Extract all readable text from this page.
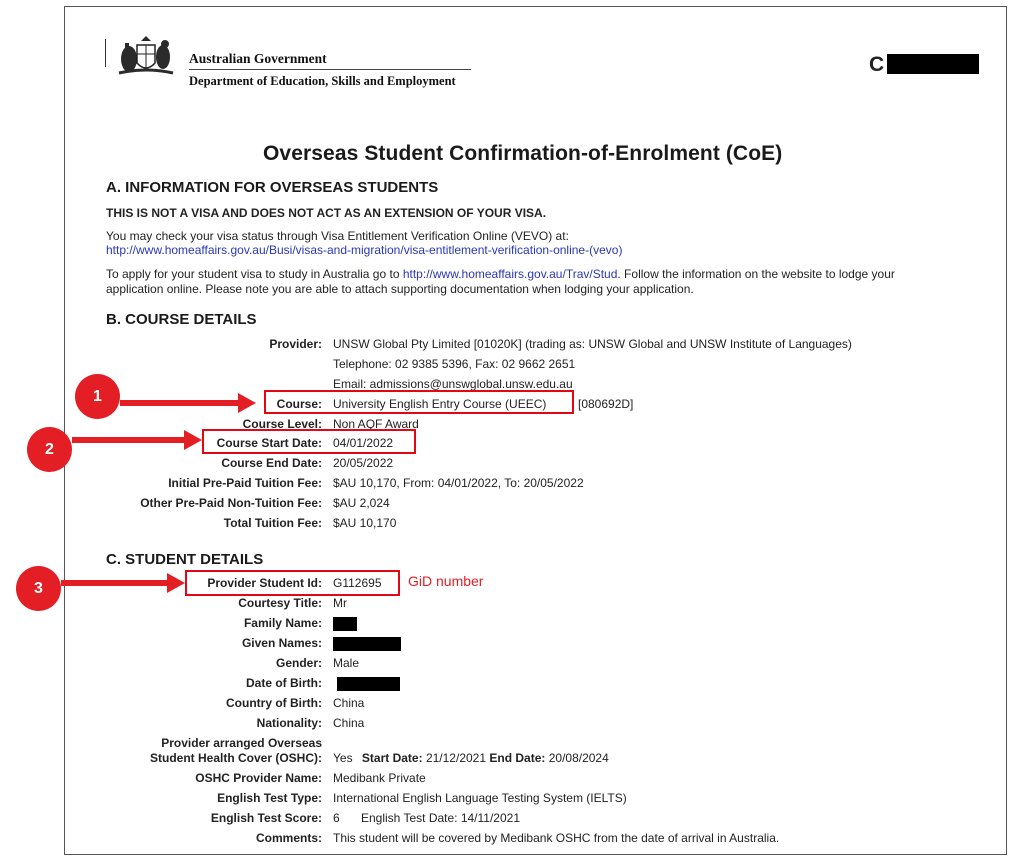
Australian Government
Department of Education, Skills and Employment
C
Overseas Student Confirmation-of-Enrolment (CoE)
A. INFORMATION FOR OVERSEAS STUDENTS
THIS IS NOT A VISA AND DOES NOT ACT AS AN EXTENSION OF YOUR VISA.
You may check your visa status through Visa Entitlement Verification Online (VEVO) at:
http://www.homeaffairs.gov.au/Busi/visas-and-migration/visa-entitlement-verification-online-(vevo)
To apply for your student visa to study in Australia go to http://www.homeaffairs.gov.au/Trav/Stud. Follow the information on the website to lodge your
application online. Please note you are able to attach supporting documentation when lodging your application.
B. COURSE DETAILS
Provider: UNSW Global Pty Limited [01020K] (trading as: UNSW Global and UNSW Institute of Languages)
Telephone: 02 9385 5396, Fax: 02 9662 2651
Email: admissions@unswglobal.unsw.edu.au
Course: University English Entry Course (UEEC)	[080692D]
Course Level: Non AQF Award
Course Start Date: 04/01/2022
Course End Date: 20/05/2022
Initial Pre-Paid Tuition Fee: $AU 10,170, From: 04/01/2022, To: 20/05/2022
Other Pre-Paid Non-Tuition Fee: $AU 2,024
Total Tuition Fee: $AU 10,170
C. STUDENT DETAILS
Provider Student Id: G112695
Courtesy Title: Mr
Family Name:
Given Names:
Gender: Male
Date of Birth:
Country of Birth: China
Nationality: China
Provider arranged Overseas
Student Health Cover (OSHC): Yes Start Date: 21/12/2021 End Date: 20/08/2024
OSHC Provider Name: Medibank Private
English Test Type: International English Language Testing System (IELTS)
English Test Score: 6 English Test Date: 14/11/2021
Comments: This student will be covered by Medibank OSHC from the date of arrival in Australia.
1
2
3	GiD number
